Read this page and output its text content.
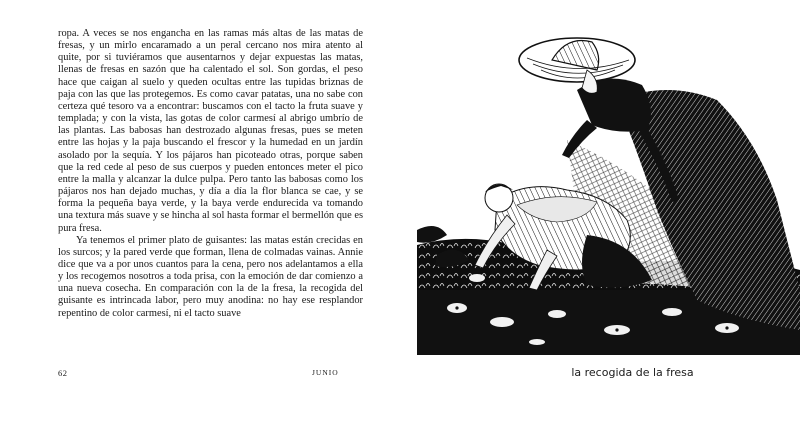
ropa. A veces se nos engancha en las ramas más altas de las matas de fresas, y un mirlo encaramado a un peral cercano nos mira atento al quite, por si tuviéramos que ausentarnos y dejar expuestas las matas, llenas de fresas en sazón que ha calentado el sol. Son gordas, el peso hace que caigan al suelo y queden ocultas entre las tupidas briznas de paja con las que las protegemos. Es como cavar patatas, una no sabe con certeza qué tesoro va a encontrar: buscamos con el tacto la fruta suave y templada; y con la vista, las gotas de color carmesí al abrigo umbrío de las plantas. Las babosas han destrozado algunas fresas, pues se meten entre las hojas y la paja buscando el frescor y la humedad en un jardín asolado por la sequía. Y los pájaros han picoteado otras, porque saben que la red cede al peso de sus cuerpos y pueden entonces meter el pico entre la malla y alcanzar la dulce pulpa. Pero tanto las babosas como los pájaros nos han dejado muchas, y día a día la flor blanca se cae, y se forma la pequeña baya verde, y la baya verde endurecida va tomando una textura más suave y se hincha al sol hasta formar el bermellón que es pura fresa.

Ya tenemos el primer plato de guisantes: las matas están crecidas en los surcos; y la pared verde que forman, llena de colmadas vainas. Annie dice que va a por unos cuantos para la cena, pero nos adelantamos a ella y los recogemos nosotros a toda prisa, con la emoción de dar comienzo a una nueva cosecha. En comparación con la de la fresa, la recogida del guisante es intrincada labor, pero muy anodina: no hay ese resplandor repentino de color carmesí, ni el tacto suave

62	JUNIO	la recogida de la fresa
